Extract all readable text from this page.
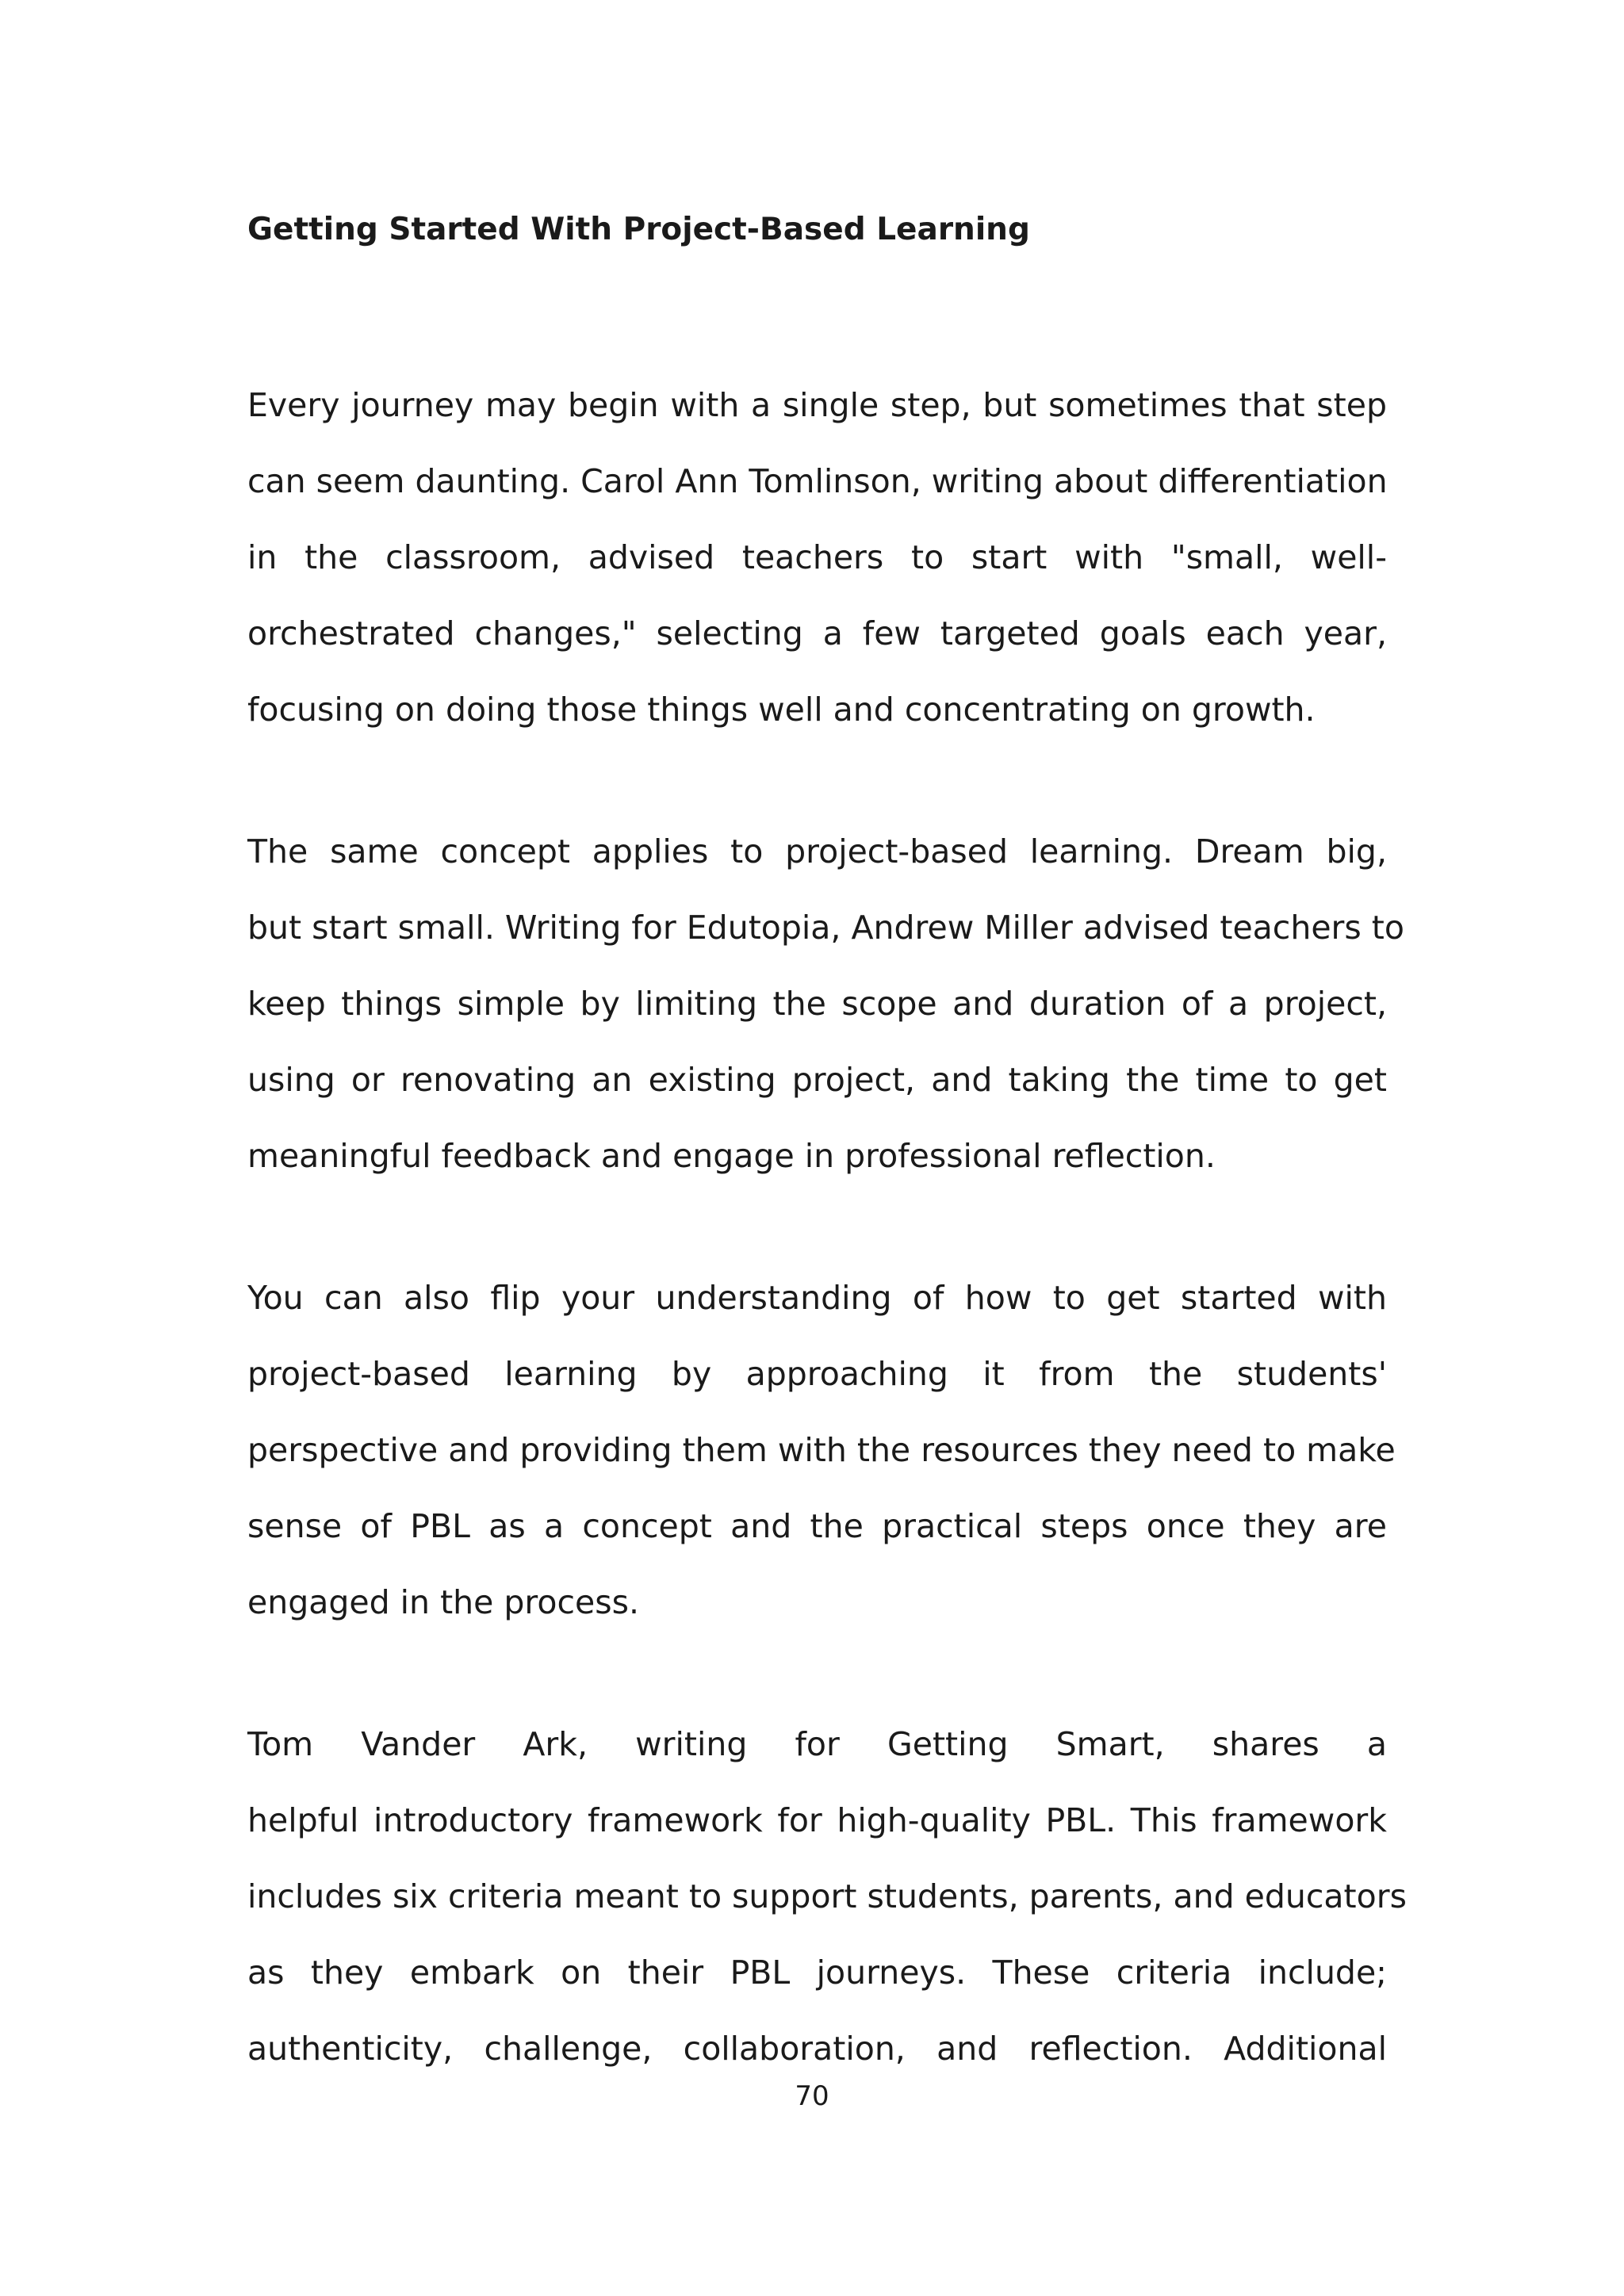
Getting Started With Project-Based Learning
Every journey may begin with a single step, but sometimes that step
can seem daunting. Carol Ann Tomlinson, writing about differentiation
in the classroom, advised teachers to start with "small, well-
orchestrated changes," selecting a few targeted goals each year,
focusing on doing those things well and concentrating on growth.
The same concept applies to project-based learning. Dream big,
but start small. Writing for Edutopia, Andrew Miller advised teachers to
keep things simple by limiting the scope and duration of a project,
using or renovating an existing project, and taking the time to get
meaningful feedback and engage in professional reflection.
You can also flip your understanding of how to get started with
project-based learning by approaching it from the students'
perspective and providing them with the resources they need to make
sense of PBL as a concept and the practical steps once they are
engaged in the process.
Tom Vander Ark, writing for Getting Smart, shares a
helpful introductory framework for high-quality PBL. This framework
includes six criteria meant to support students, parents, and educators
as they embark on their PBL journeys. These criteria include;
authenticity, challenge, collaboration, and reflection. Additional

70
